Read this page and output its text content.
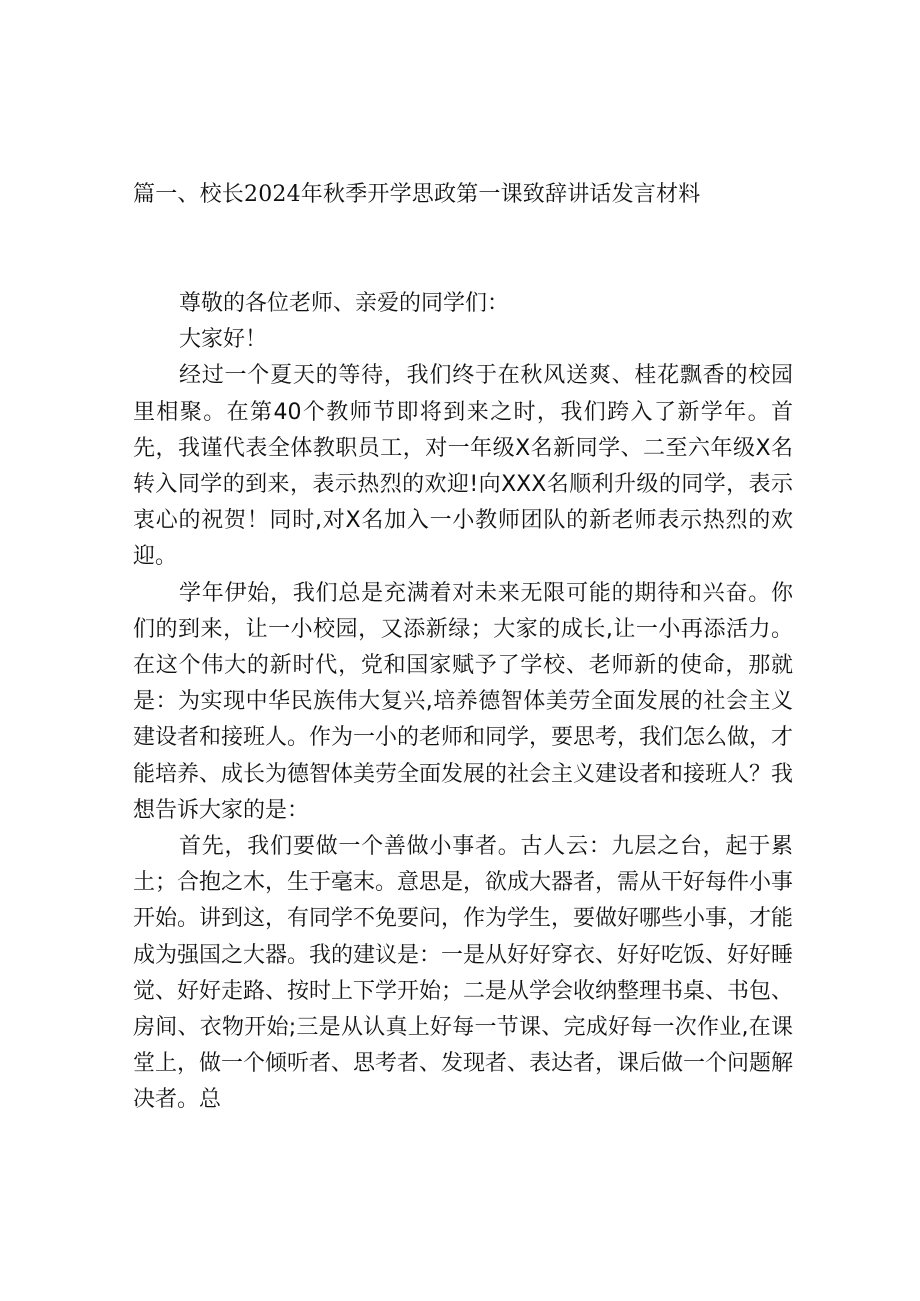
篇一、校长2024年秋季开学思政第一课致辞讲话发言材料

尊敬的各位老师、亲爱的同学们：

大家好！

经过一个夏天的等待，我们终于在秋风送爽、桂花飘香的校园里相聚。在第40个教师节即将到来之时，我们跨入了新学年。首先，我谨代表全体教职员工，对一年级X名新同学、二至六年级X名转入同学的到来，表示热烈的欢迎!向XXX名顺利升级的同学，表示衷心的祝贺！同时,对X名加入一小教师团队的新老师表示热烈的欢迎。

学年伊始，我们总是充满着对未来无限可能的期待和兴奋。你们的到来，让一小校园，又添新绿；大家的成长,让一小再添活力。在这个伟大的新时代，党和国家赋予了学校、老师新的使命，那就是：为实现中华民族伟大复兴,培养德智体美劳全面发展的社会主义建设者和接班人。作为一小的老师和同学，要思考，我们怎么做，才能培养、成长为德智体美劳全面发展的社会主义建设者和接班人？我想告诉大家的是：

首先，我们要做一个善做小事者。古人云：九层之台，起于累土；合抱之木，生于毫末。意思是，欲成大器者，需从干好每件小事开始。讲到这，有同学不免要问，作为学生，要做好哪些小事，才能成为强国之大器。我的建议是：一是从好好穿衣、好好吃饭、好好睡觉、好好走路、按时上下学开始；二是从学会收纳整理书桌、书包、房间、衣物开始;三是从认真上好每一节课、完成好每一次作业,在课堂上，做一个倾听者、思考者、发现者、表达者，课后做一个问题解决者。总
